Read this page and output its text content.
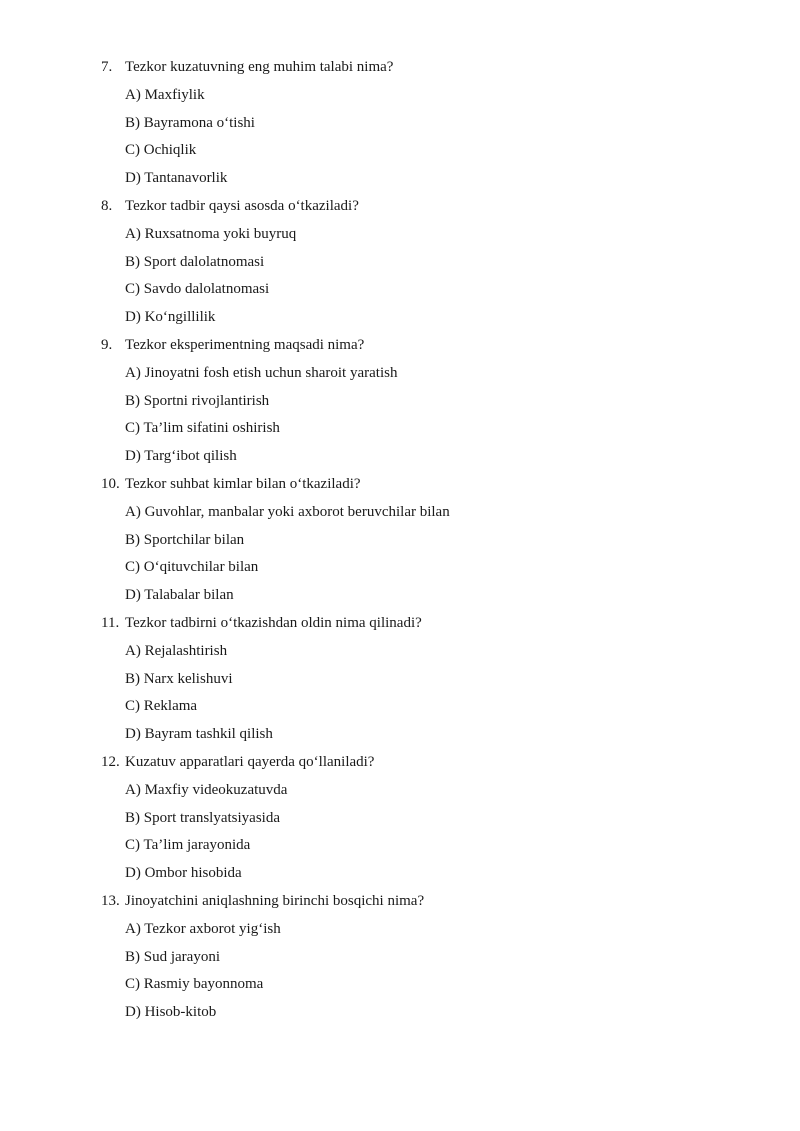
7. Tezkor kuzatuvning eng muhim talabi nima?
A) Maxfiylik
B) Bayramona o‘tishi
C) Ochiqlik
D) Tantanavorlik
8. Tezkor tadbir qaysi asosda o‘tkaziladi?
A) Ruxsatnoma yoki buyruq
B) Sport dalolatnomasi
C) Savdo dalolatnomasi
D) Ko‘ngillilik
9. Tezkor eksperimentning maqsadi nima?
A) Jinoyatni fosh etish uchun sharoit yaratish
B) Sportni rivojlantirish
C) Ta’lim sifatini oshirish
D) Targ‘ibot qilish
10. Tezkor suhbat kimlar bilan o‘tkaziladi?
A) Guvohlar, manbalar yoki axborot beruvchilar bilan
B) Sportchilar bilan
C) O‘qituvchilar bilan
D) Talabalar bilan
11. Tezkor tadbirni o‘tkazishdan oldin nima qilinadi?
A) Rejalashtirish
B) Narx kelishuvi
C) Reklama
D) Bayram tashkil qilish
12. Kuzatuv apparatlari qayerda qo‘llaniladi?
A) Maxfiy videokuzatuvda
B) Sport translyatsiyasida
C) Ta’lim jarayonida
D) Ombor hisobida
13. Jinoyatchini aniqlashning birinchi bosqichi nima?
A) Tezkor axborot yig‘ish
B) Sud jarayoni
C) Rasmiy bayonnoma
D) Hisob-kitob
